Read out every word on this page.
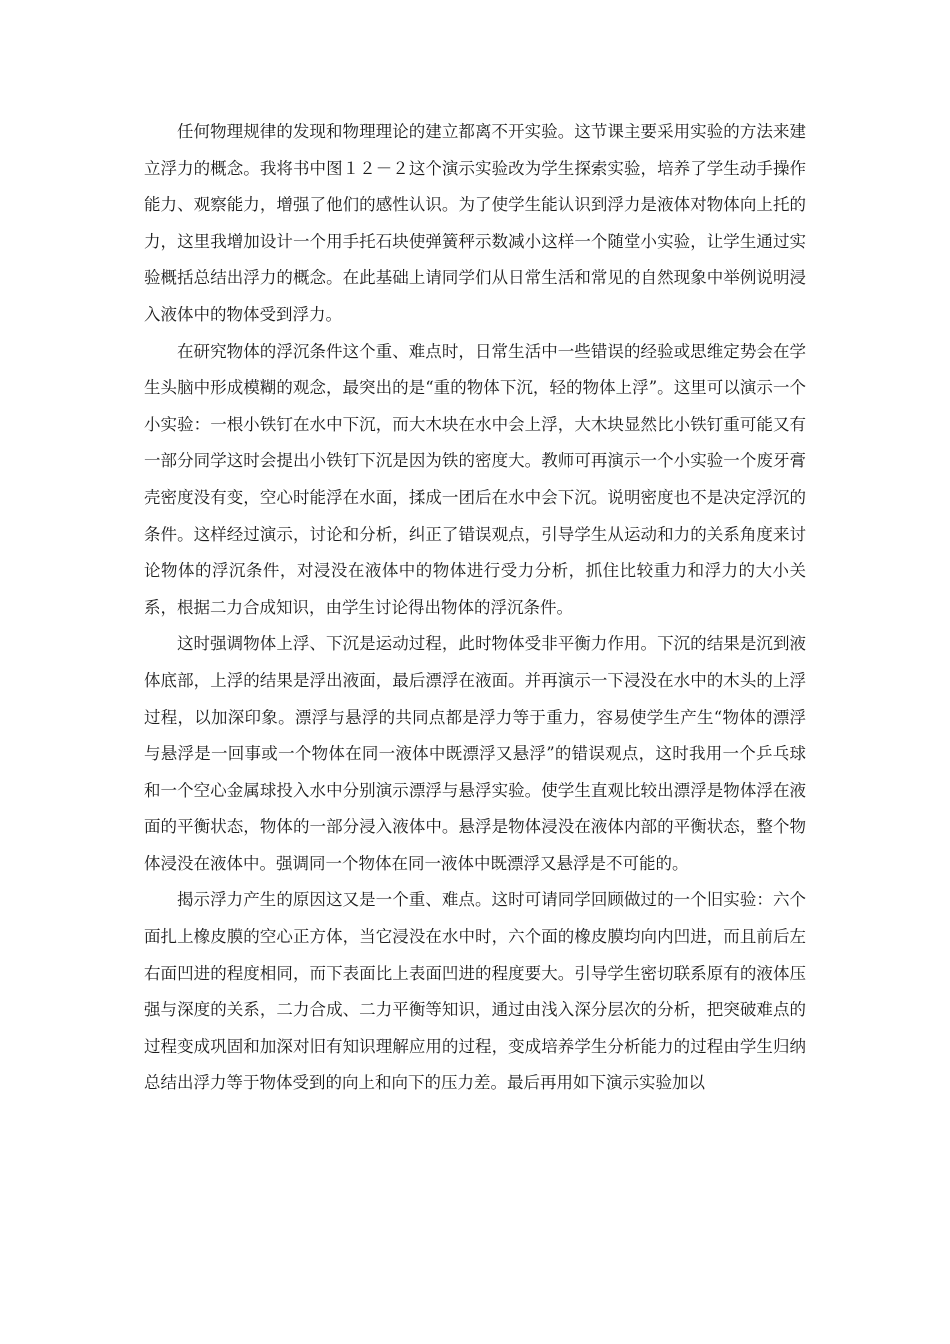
任何物理规律的发现和物理理论的建立都离不开实验。这节课主要采用实验的方法来建立浮力的概念。我将书中图１２－２这个演示实验改为学生探索实验，培养了学生动手操作能力、观察能力，增强了他们的感性认识。为了使学生能认识到浮力是液体对物体向上托的力，这里我增加设计一个用手托石块使弹簧秤示数减小这样一个随堂小实验，让学生通过实验概括总结出浮力的概念。在此基础上请同学们从日常生活和常见的自然现象中举例说明浸入液体中的物体受到浮力。

在研究物体的浮沉条件这个重、难点时，日常生活中一些错误的经验或思维定势会在学生头脑中形成模糊的观念，最突出的是“重的物体下沉，轻的物体上浮”。这里可以演示一个小实验：一根小铁钉在水中下沉，而大木块在水中会上浮，大木块显然比小铁钉重可能又有一部分同学这时会提出小铁钉下沉是因为铁的密度大。教师可再演示一个小实验一个废牙膏壳密度没有变，空心时能浮在水面，揉成一团后在水中会下沉。说明密度也不是决定浮沉的条件。这样经过演示，讨论和分析，纠正了错误观点，引导学生从运动和力的关系角度来讨论物体的浮沉条件，对浸没在液体中的物体进行受力分析，抓住比较重力和浮力的大小关系，根据二力合成知识，由学生讨论得出物体的浮沉条件。

这时强调物体上浮、下沉是运动过程，此时物体受非平衡力作用。下沉的结果是沉到液体底部，上浮的结果是浮出液面，最后漂浮在液面。并再演示一下浸没在水中的木头的上浮过程，以加深印象。漂浮与悬浮的共同点都是浮力等于重力，容易使学生产生“物体的漂浮与悬浮是一回事或一个物体在同一液体中既漂浮又悬浮”的错误观点，这时我用一个乒乓球和一个空心金属球投入水中分别演示漂浮与悬浮实验。使学生直观比较出漂浮是物体浮在液面的平衡状态，物体的一部分浸入液体中。悬浮是物体浸没在液体内部的平衡状态，整个物体浸没在液体中。强调同一个物体在同一液体中既漂浮又悬浮是不可能的。

揭示浮力产生的原因这又是一个重、难点。这时可请同学回顾做过的一个旧实验：六个面扎上橡皮膜的空心正方体，当它浸没在水中时，六个面的橡皮膜均向内凹进，而且前后左右面凹进的程度相同，而下表面比上表面凹进的程度要大。引导学生密切联系原有的液体压强与深度的关系，二力合成、二力平衡等知识，通过由浅入深分层次的分析，把突破难点的过程变成巩固和加深对旧有知识理解应用的过程，变成培养学生分析能力的过程由学生归纳总结出浮力等于物体受到的向上和向下的压力差。最后再用如下演示实验加以
